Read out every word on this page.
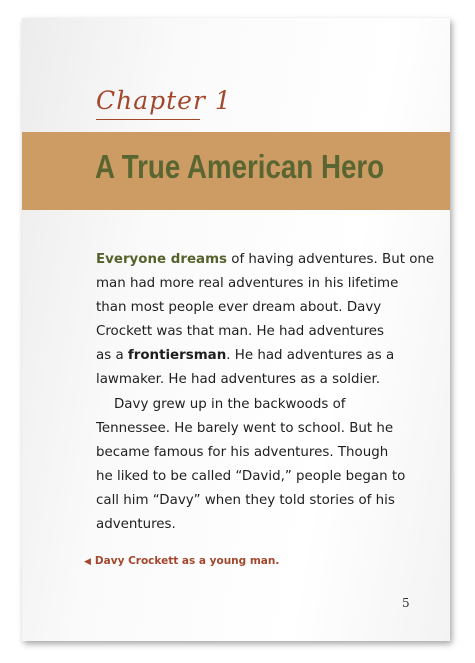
Chapter 1
A True American Hero
Everyone dreams of having adventures. But one
man had more real adventures in his lifetime
than most people ever dream about. Davy
Crockett was that man. He had adventures
as a frontiersman. He had adventures as a
lawmaker. He had adventures as a soldier.
Davy grew up in the backwoods of
Tennessee. He barely went to school. But he
became famous for his adventures. Though
he liked to be called “David,” people began to
call him “Davy” when they told stories of his
adventures.
◀ Davy Crockett as a young man.
5
